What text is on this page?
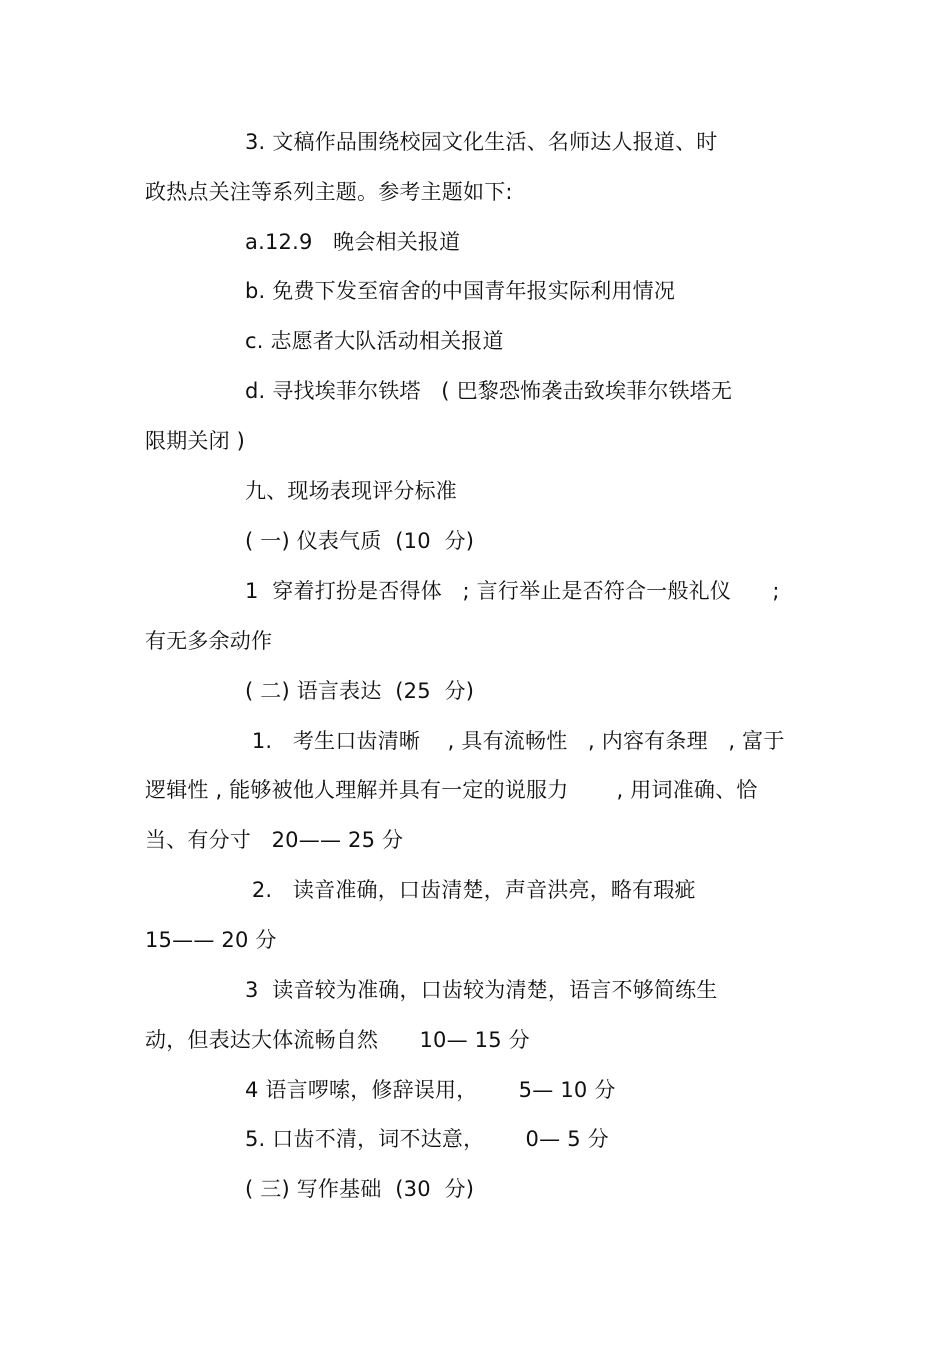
3. 文稿作品围绕校园文化生活、名师达人报道、时
政热点关注等系列主题。参考主题如下:
a.12.9   晚会相关报道
b. 免费下发至宿舍的中国青年报实际利用情况
c. 志愿者大队活动相关报道
d. 寻找埃菲尔铁塔   ( 巴黎恐怖袭击致埃菲尔铁塔无
限期关闭 )
九、现场表现评分标准
( 一) 仪表气质  (10  分)
1  穿着打扮是否得体   ; 言行举止是否符合一般礼仪      ;
有无多余动作
( 二) 语言表达  (25  分)
1.   考生口齿清晰    , 具有流畅性   , 内容有条理   , 富于
逻辑性 , 能够被他人理解并具有一定的说服力       , 用词准确、恰
当、有分寸   20—— 25 分
2.   读音准确，口齿清楚，声音洪亮，略有瑕疵
15—— 20 分
3  读音较为准确，口齿较为清楚，语言不够简练生
动，但表达大体流畅自然      10— 15 分
4 语言啰嗦，修辞误用，      5— 10 分
5. 口齿不清，词不达意，      0— 5 分
( 三) 写作基础  (30  分)
